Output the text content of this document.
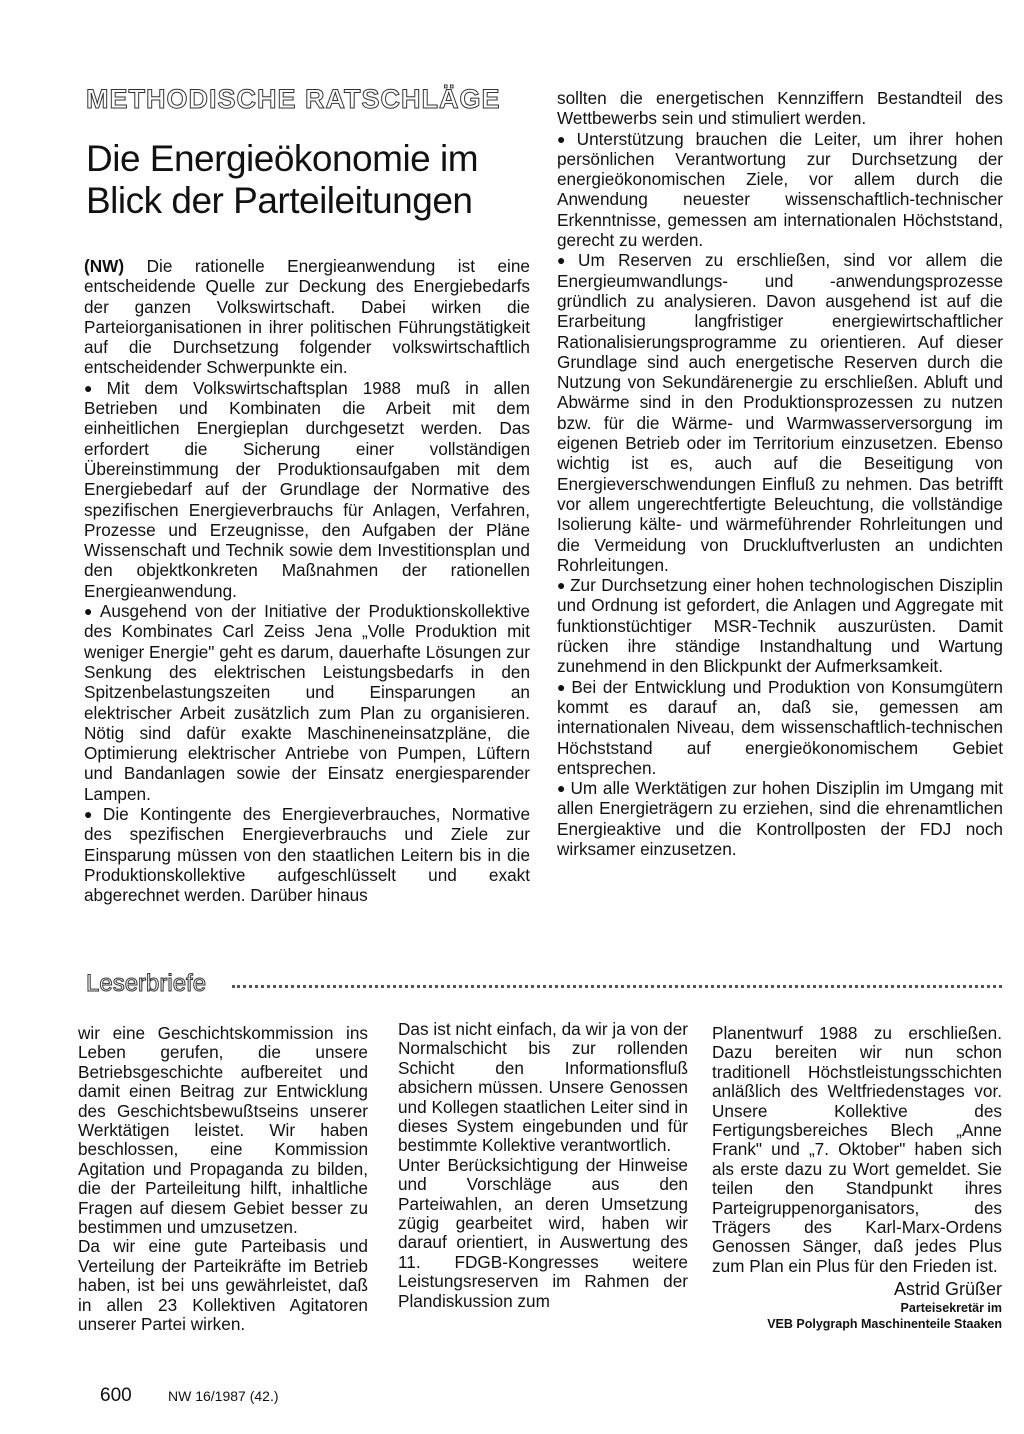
METHODISCHE RATSCHLÄGE
Die Energieökonomie im
Blick der Parteileitungen

(NW) Die rationelle Energieanwendung ist eine entscheidende Quelle zur Deckung des Energiebedarfs der ganzen Volkswirtschaft. Dabei wirken die Parteiorganisationen in ihrer politischen Führungstätigkeit auf die Durchsetzung folgender volkswirtschaftlich entscheidender Schwerpunkte ein.

● Mit dem Volkswirtschaftsplan 1988 muß in allen Betrieben und Kombinaten die Arbeit mit dem einheitlichen Energieplan durchgesetzt werden. Das erfordert die Sicherung einer vollständigen Übereinstimmung der Produktionsaufgaben mit dem Energiebedarf auf der Grundlage der Normative des spezifischen Energieverbrauchs für Anlagen, Verfahren, Prozesse und Erzeugnisse, den Aufgaben der Pläne Wissenschaft und Technik sowie dem Investitionsplan und den objektkonkreten Maßnahmen der rationellen Energieanwendung.

● Ausgehend von der Initiative der Produktionskollektive des Kombinates Carl Zeiss Jena „Volle Produktion mit weniger Energie" geht es darum, dauerhafte Lösungen zur Senkung des elektrischen Leistungsbedarfs in den Spitzenbelastungszeiten und Einsparungen an elektrischer Arbeit zusätzlich zum Plan zu organisieren. Nötig sind dafür exakte Maschineneinsatzpläne, die Optimierung elektrischer Antriebe von Pumpen, Lüftern und Bandanlagen sowie der Einsatz energiesparender Lampen.

● Die Kontingente des Energieverbrauches, Normative des spezifischen Energieverbrauchs und Ziele zur Einsparung müssen von den staatlichen Leitern bis in die Produktionskollektive aufgeschlüsselt und exakt abgerechnet werden. Darüber hinaus

sollten die energetischen Kennziffern Bestandteil des Wettbewerbs sein und stimuliert werden.

● Unterstützung brauchen die Leiter, um ihrer hohen persönlichen Verantwortung zur Durchsetzung der energieökonomischen Ziele, vor allem durch die Anwendung neuester wissenschaftlich-technischer Erkenntnisse, gemessen am internationalen Höchststand, gerecht zu werden.

● Um Reserven zu erschließen, sind vor allem die Energieumwandlungs- und -anwendungsprozesse gründlich zu analysieren. Davon ausgehend ist auf die Erarbeitung langfristiger energiewirtschaftlicher Rationalisierungsprogramme zu orientieren. Auf dieser Grundlage sind auch energetische Reserven durch die Nutzung von Sekundärenergie zu erschließen. Abluft und Abwärme sind in den Produktionsprozessen zu nutzen bzw. für die Wärme- und Warmwasserversorgung im eigenen Betrieb oder im Territorium einzusetzen. Ebenso wichtig ist es, auch auf die Beseitigung von Energieverschwendungen Einfluß zu nehmen. Das betrifft vor allem ungerechtfertigte Beleuchtung, die vollständige Isolierung kälte- und wärmeführender Rohrleitungen und die Vermeidung von Druckluftverlusten an undichten Rohrleitungen.

● Zur Durchsetzung einer hohen technologischen Disziplin und Ordnung ist gefordert, die Anlagen und Aggregate mit funktionstüchtiger MSR-Technik auszurüsten. Damit rücken ihre ständige Instandhaltung und Wartung zunehmend in den Blickpunkt der Aufmerksamkeit.

● Bei der Entwicklung und Produktion von Konsumgütern kommt es darauf an, daß sie, gemessen am internationalen Niveau, dem wissenschaftlich-technischen Höchststand auf energieökonomischem Gebiet entsprechen.

● Um alle Werktätigen zur hohen Disziplin im Umgang mit allen Energieträgern zu erziehen, sind die ehrenamtlichen Energieaktive und die Kontrollposten der FDJ noch wirksamer einzusetzen.

Leserbriefe

wir eine Geschichtskommission ins Leben gerufen, die unsere Betriebsgeschichte aufbereitet und damit einen Beitrag zur Entwicklung des Geschichtsbewußtseins unserer Werktätigen leistet. Wir haben beschlossen, eine Kommission Agitation und Propaganda zu bilden, die der Parteileitung hilft, inhaltliche Fragen auf diesem Gebiet besser zu bestimmen und umzusetzen.

Da wir eine gute Parteibasis und Verteilung der Parteikräfte im Betrieb haben, ist bei uns gewährleistet, daß in allen 23 Kollektiven Agitatoren unserer Partei wirken.

Das ist nicht einfach, da wir ja von der Normalschicht bis zur rollenden Schicht den Informationsfluß absichern müssen. Unsere Genossen und Kollegen staatlichen Leiter sind in dieses System eingebunden und für bestimmte Kollektive verantwortlich.

Unter Berücksichtigung der Hinweise und Vorschläge aus den Parteiwahlen, an deren Umsetzung zügig gearbeitet wird, haben wir darauf orientiert, in Auswertung des 11. FDGB-Kongresses weitere Leistungsreserven im Rahmen der Plandiskussion zum

Planentwurf 1988 zu erschließen. Dazu bereiten wir nun schon traditionell Höchstleistungsschichten anläßlich des Weltfriedenstages vor. Unsere Kollektive des Fertigungsbereiches Blech „Anne Frank" und „7. Oktober" haben sich als erste dazu zu Wort gemeldet. Sie teilen den Standpunkt ihres Parteigruppenorganisators, des Trägers des Karl-Marx-Ordens Genossen Sänger, daß jedes Plus zum Plan ein Plus für den Frieden ist.

Astrid Grüßer

Parteisekretär im

VEB Polygraph Maschinenteile Staaken

600	NW 16/1987 (42.)
